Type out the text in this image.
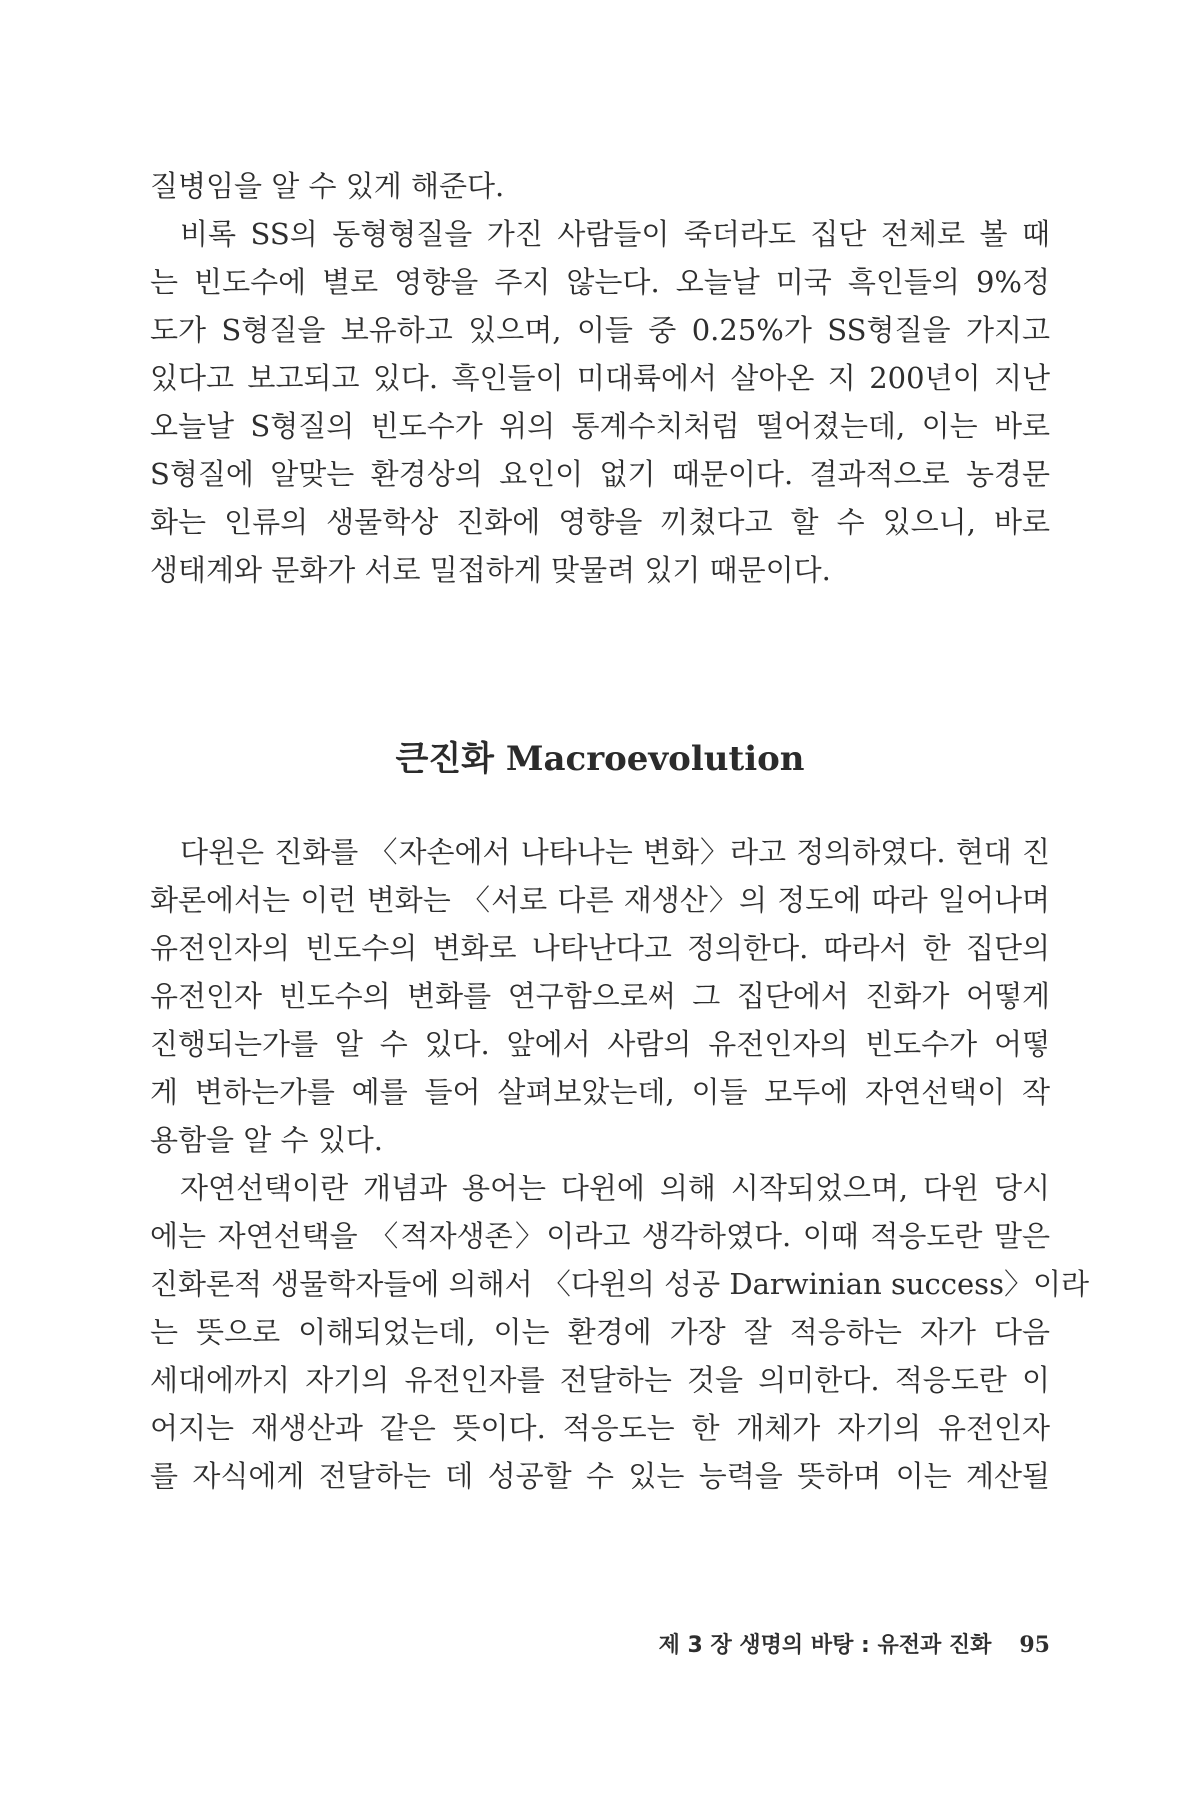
질병임을 알 수 있게 해준다.
비록 SS의 동형형질을 가진 사람들이 죽더라도 집단 전체로 볼 때
는 빈도수에 별로 영향을 주지 않는다. 오늘날 미국 흑인들의 9%정
도가 S형질을 보유하고 있으며, 이들 중 0.25%가 SS형질을 가지고
있다고 보고되고 있다. 흑인들이 미대륙에서 살아온 지 200년이 지난
오늘날 S형질의 빈도수가 위의 통계수치처럼 떨어졌는데, 이는 바로
S형질에 알맞는 환경상의 요인이 없기 때문이다. 결과적으로 농경문
화는 인류의 생물학상 진화에 영향을 끼쳤다고 할 수 있으니, 바로
생태계와 문화가 서로 밀접하게 맞물려 있기 때문이다.
큰진화 Macroevolution
다윈은 진화를 〈자손에서 나타나는 변화〉라고 정의하였다. 현대 진
화론에서는 이런 변화는 〈서로 다른 재생산〉의 정도에 따라 일어나며
유전인자의 빈도수의 변화로 나타난다고 정의한다. 따라서 한 집단의
유전인자 빈도수의 변화를 연구함으로써 그 집단에서 진화가 어떻게
진행되는가를 알 수 있다. 앞에서 사람의 유전인자의 빈도수가 어떻
게 변하는가를 예를 들어 살펴보았는데, 이들 모두에 자연선택이 작
용함을 알 수 있다.
자연선택이란 개념과 용어는 다윈에 의해 시작되었으며, 다윈 당시
에는 자연선택을 〈적자생존〉이라고 생각하였다. 이때 적응도란 말은
진화론적 생물학자들에 의해서 〈다윈의 성공 Darwinian success〉이라
는 뜻으로 이해되었는데, 이는 환경에 가장 잘 적응하는 자가 다음
세대에까지 자기의 유전인자를 전달하는 것을 의미한다. 적응도란 이
어지는 재생산과 같은 뜻이다. 적응도는 한 개체가 자기의 유전인자
를 자식에게 전달하는 데 성공할 수 있는 능력을 뜻하며 이는 계산될
제 3 장 생명의 바탕 : 유전과 진화 95
